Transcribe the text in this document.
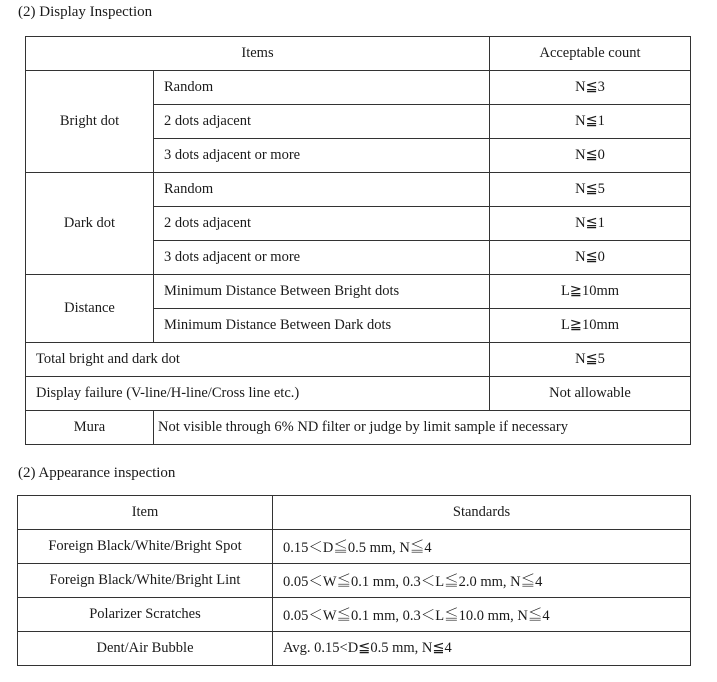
(2) Display Inspection
Items		Acceptable count
Bright dot	Random	N≦3
	2 dots adjacent	N≦1
	3 dots adjacent or more	N≦0
Dark dot	Random	N≦5
	2 dots adjacent	N≦1
	3 dots adjacent or more	N≦0
Distance	Minimum Distance Between Bright dots	L≧10mm
	Minimum Distance Between Dark dots	L≧10mm
Total bright and dark dot		N≦5
Display failure (V-line/H-line/Cross line etc.)		Not allowable
Mura	Not visible through 6% ND filter or judge by limit sample if necessary	
(2) Appearance inspection
Item	Standards
Foreign Black/White/Bright Spot	0.15＜D≦0.5 mm, N≦4
Foreign Black/White/Bright Lint	0.05＜W≦0.1 mm, 0.3＜L≦2.0 mm, N≦4
Polarizer Scratches	0.05＜W≦0.1 mm, 0.3＜L≦10.0 mm, N≦4
Dent/Air Bubble	Avg. 0.15<D≦0.5 mm, N≦4
